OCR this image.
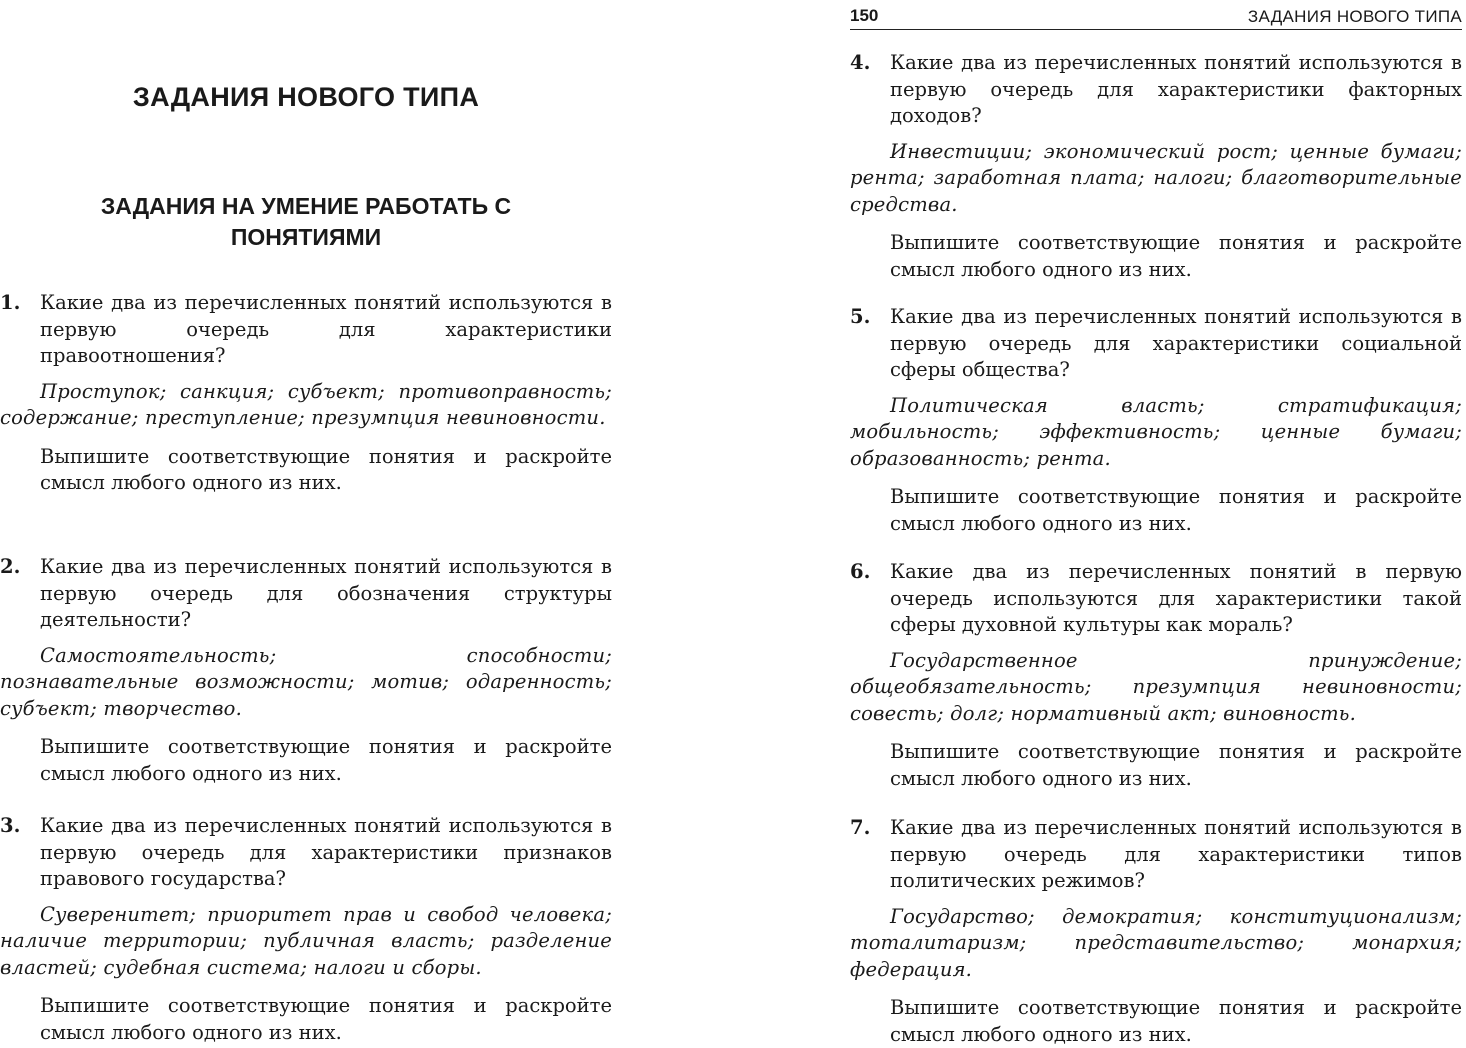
ЗАДАНИЯ НОВОГО ТИПА
ЗАДАНИЯ НА УМЕНИЕ РАБОТАТЬ С ПОНЯТИЯМИ

1. Какие два из перечисленных понятий используются в первую очередь для характеристики правоотношения?

Проступок; санкция; субъект; противоправность; содержание; преступление; презумпция невиновности.

Выпишите соответствующие понятия и раскройте смысл любого одного из них.

2. Какие два из перечисленных понятий используются в первую очередь для обозначения структуры деятельности?

Самостоятельность; способности; познавательные возможности; мотив; одаренность; субъект; творчество.

Выпишите соответствующие понятия и раскройте смысл любого одного из них.

3. Какие два из перечисленных понятий используются в первую очередь для характеристики признаков правового государства?

Суверенитет; приоритет прав и свобод человека; наличие территории; публичная власть; разделение властей; судебная система; налоги и сборы.

Выпишите соответствующие понятия и раскройте смысл любого одного из них.

150	ЗАДАНИЯ НОВОГО ТИПА

4. Какие два из перечисленных понятий используются в первую очередь для характеристики факторных доходов?

Инвестиции; экономический рост; ценные бумаги; рента; заработная плата; налоги; благотворительные средства.

Выпишите соответствующие понятия и раскройте смысл любого одного из них.

5. Какие два из перечисленных понятий используются в первую очередь для характеристики социальной сферы общества?

Политическая власть; стратификация; мобильность; эффективность; ценные бумаги; образованность; рента.

Выпишите соответствующие понятия и раскройте смысл любого одного из них.

6. Какие два из перечисленных понятий в первую очередь используются для характеристики такой сферы духовной культуры как мораль?

Государственное принуждение; общеобязательность; презумпция невиновности; совесть; долг; нормативный акт; виновность.

Выпишите соответствующие понятия и раскройте смысл любого одного из них.

7. Какие два из перечисленных понятий используются в первую очередь для характеристики типов политических режимов?

Государство; демократия; конституционализм; тоталитаризм; представительство; монархия; федерация.

Выпишите соответствующие понятия и раскройте смысл любого одного из них.
